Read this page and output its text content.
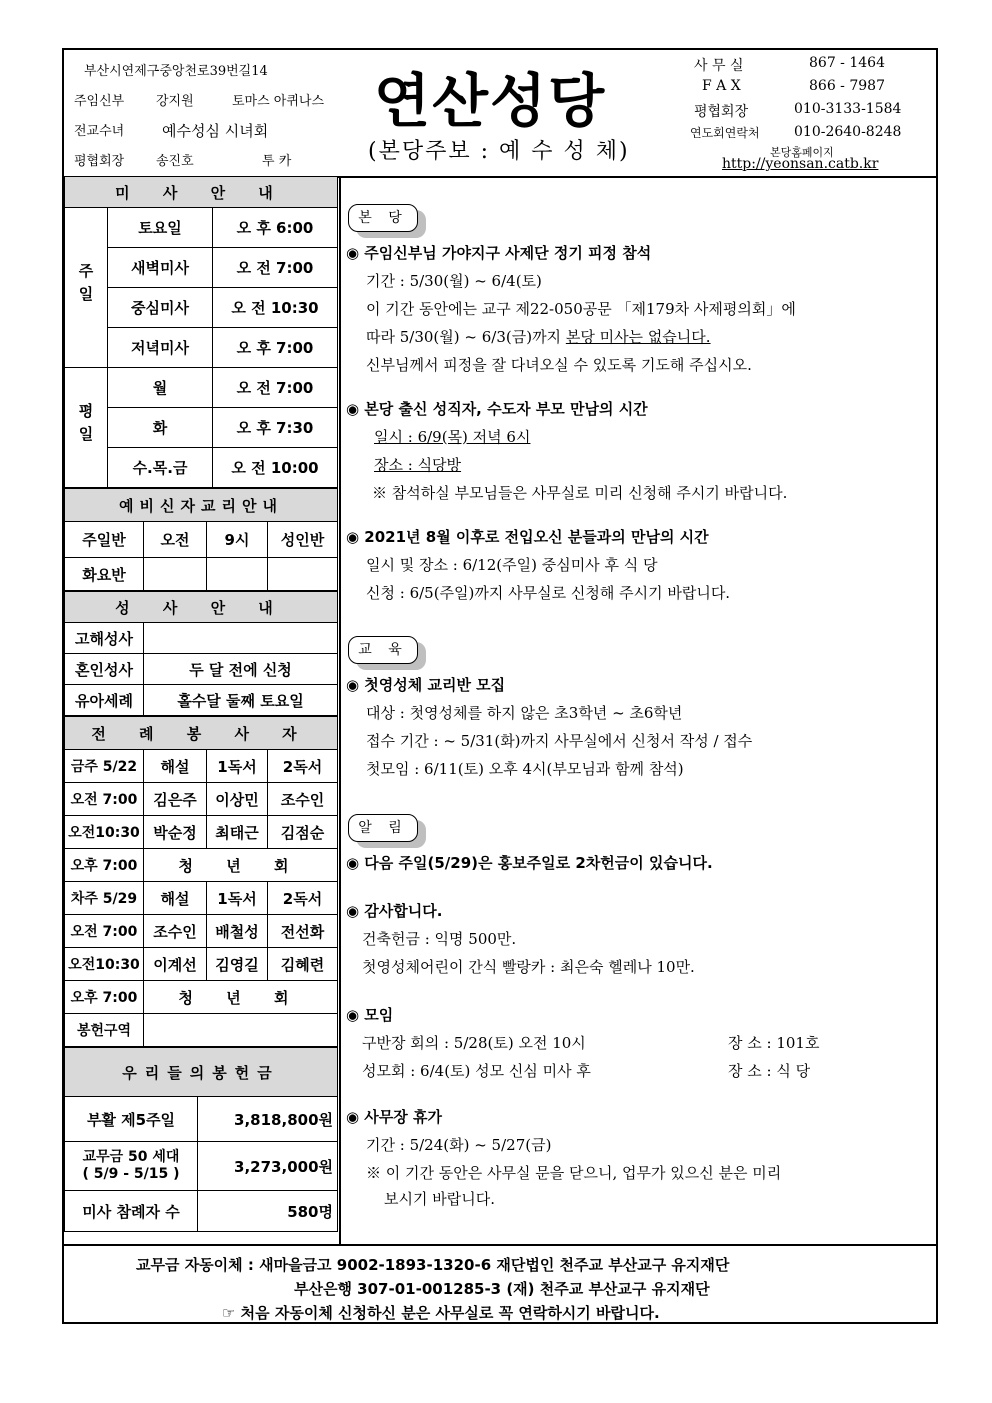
부산시연제구중앙천로39번길14
주임신부 강지원	토마스 아퀴나스
전교수녀	예수성심 시녀회
평협회장 송진호	투 카
연산성당
(본당주보 : 예 수 성 체)
사 무 실	867 - 1464
F A X	866 - 7987
평협회장	010-3133-1584
연도회연락처 010-2640-8248
본당홈페이지
http://yeonsan.catb.kr
미 사 안 내		
주일	토요일	오 후 6:00
	새벽미사	오 전 7:00
	중심미사	오 전 10:30
	저녁미사	오 후 7:00
평일	월	오 전 7:00
	화	오 후 7:30
	수.목.금	오 전 10:00
예비신자교리안내			
주일반	오전	9시	성인반
화요반			
성 사 안 내	
고해성사	
혼인성사	두 달 전에 신청
유아세례	홀수달 둘째 토요일
전 례 봉 사 자			
금주 5/22	해설	1독서	2독서
오전 7:00	김은주	이상민	조수인
오전10:30	박순정	최태근	김점순
오후 7:00	청 년 회		
차주 5/29	해설	1독서	2독서
오전 7:00	조수인	배철성	전선화
오전10:30	이계선	김영길	김혜련
오후 7:00	청 년 회		
봉헌구역			
우리들의봉헌금	
부활 제5주일	3,818,800원
교무금 50 세대
( 5/9 - 5/15 )	3,273,000원
미사 참례자 수	580명
본 당
◉ 주임신부님 가야지구 사제단 정기 피정 참석
기간 : 5/30(월) ~ 6/4(토)
이 기간 동안에는 교구 제22-050공문 「제179차 사제평의회」에
따라 5/30(월) ~ 6/3(금)까지 본당 미사는 없습니다.
신부님께서 피정을 잘 다녀오실 수 있도록 기도해 주십시오.
◉ 본당 출신 성직자, 수도자 부모 만남의 시간
일시 : 6/9(목) 저녁 6시
장소 : 식당방
※ 참석하실 부모님들은 사무실로 미리 신청해 주시기 바랍니다.
◉ 2021년 8월 이후로 전입오신 분들과의 만남의 시간
일시 및 장소 : 6/12(주일) 중심미사 후 식 당
신청 : 6/5(주일)까지 사무실로 신청해 주시기 바랍니다.
교 육
◉ 첫영성체 교리반 모집
대상 : 첫영성체를 하지 않은 초3학년 ~ 초6학년
접수 기간 : ~ 5/31(화)까지 사무실에서 신청서 작성 / 접수
첫모임 : 6/11(토) 오후 4시(부모님과 함께 참석)
알 림
◉ 다음 주일(5/29)은 홍보주일로 2차헌금이 있습니다.
◉ 감사합니다.
건축헌금 : 익명 500만.
첫영성체어린이 간식 빨랑카 : 최은숙 헬레나 10만.
◉ 모임
구반장 회의 : 5/28(토) 오전 10시	장 소 : 101호
성모회 : 6/4(토) 성모 신심 미사 후	장 소 : 식 당
◉ 사무장 휴가
기간 : 5/24(화) ~ 5/27(금)
※ 이 기간 동안은 사무실 문을 닫으니, 업무가 있으신 분은 미리
보시기 바랍니다.
교무금 자동이체 : 새마을금고 9002-1893-1320-6 재단법인 천주교 부산교구 유지재단
부산은행 307-01-001285-3 (재) 천주교 부산교구 유지재단
☞ 처음 자동이체 신청하신 분은 사무실로 꼭 연락하시기 바랍니다.
